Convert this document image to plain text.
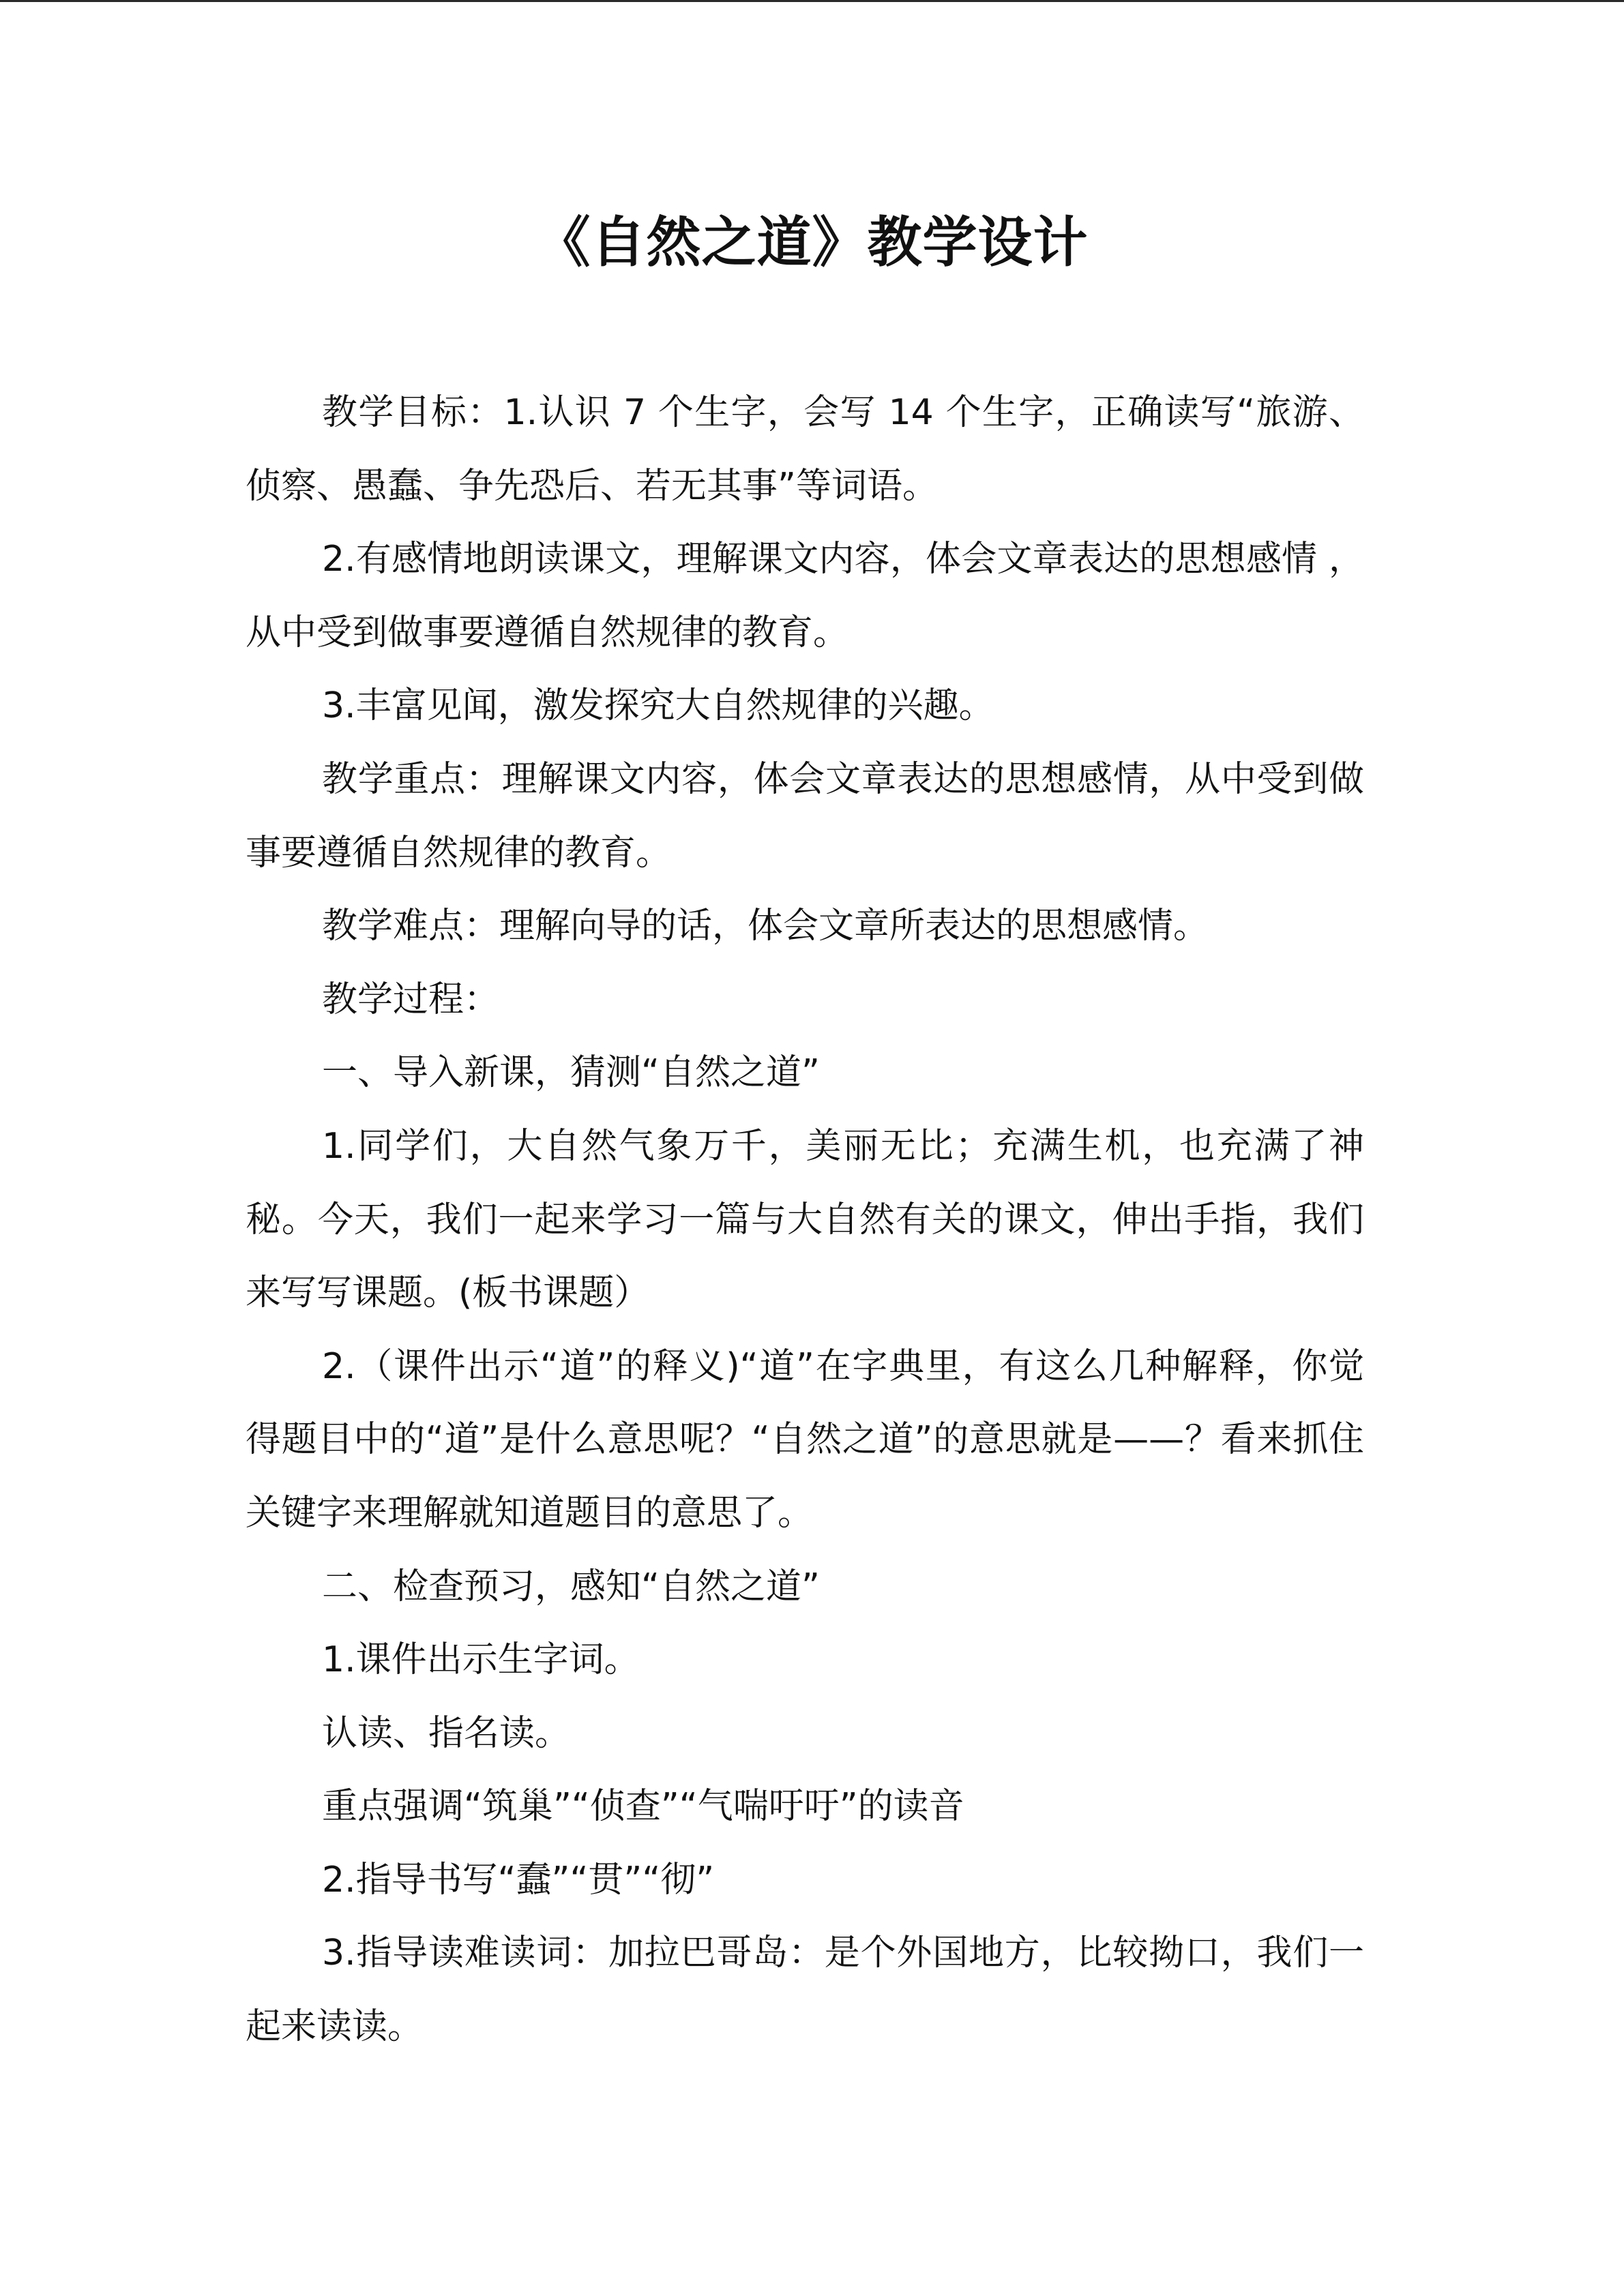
《自然之道》教学设计

教学目标：1.认识 7 个生字，会写 14 个生字，正确读写“旅游、侦察、愚蠢、争先恐后、若无其事”等词语。

2.有感情地朗读课文，理解课文内容，体会文章表达的思想感情 ，从中受到做事要遵循自然规律的教育。

3.丰富见闻，激发探究大自然规律的兴趣。

教学重点：理解课文内容，体会文章表达的思想感情，从中受到做事要遵循自然规律的教育。

教学难点：理解向导的话，体会文章所表达的思想感情。

教学过程：

一、导入新课，猜测“自然之道”

1.同学们，大自然气象万千，美丽无比；充满生机，也充满了神秘。今天，我们一起来学习一篇与大自然有关的课文，伸出手指，我们来写写课题。(板书课题）

2.（课件出示“道”的释义)“道”在字典里，有这么几种解释，你觉得题目中的“道”是什么意思呢？“自然之道”的意思就是——？看来抓住关键字来理解就知道题目的意思了。

二、检查预习，感知“自然之道”

1.课件出示生字词。

认读、指名读。

重点强调“筑巢”“侦查”“气喘吁吁”的读音

2.指导书写“蠢”“贯”“彻”

3.指导读难读词：加拉巴哥岛：是个外国地方，比较拗口，我们一起来读读。
